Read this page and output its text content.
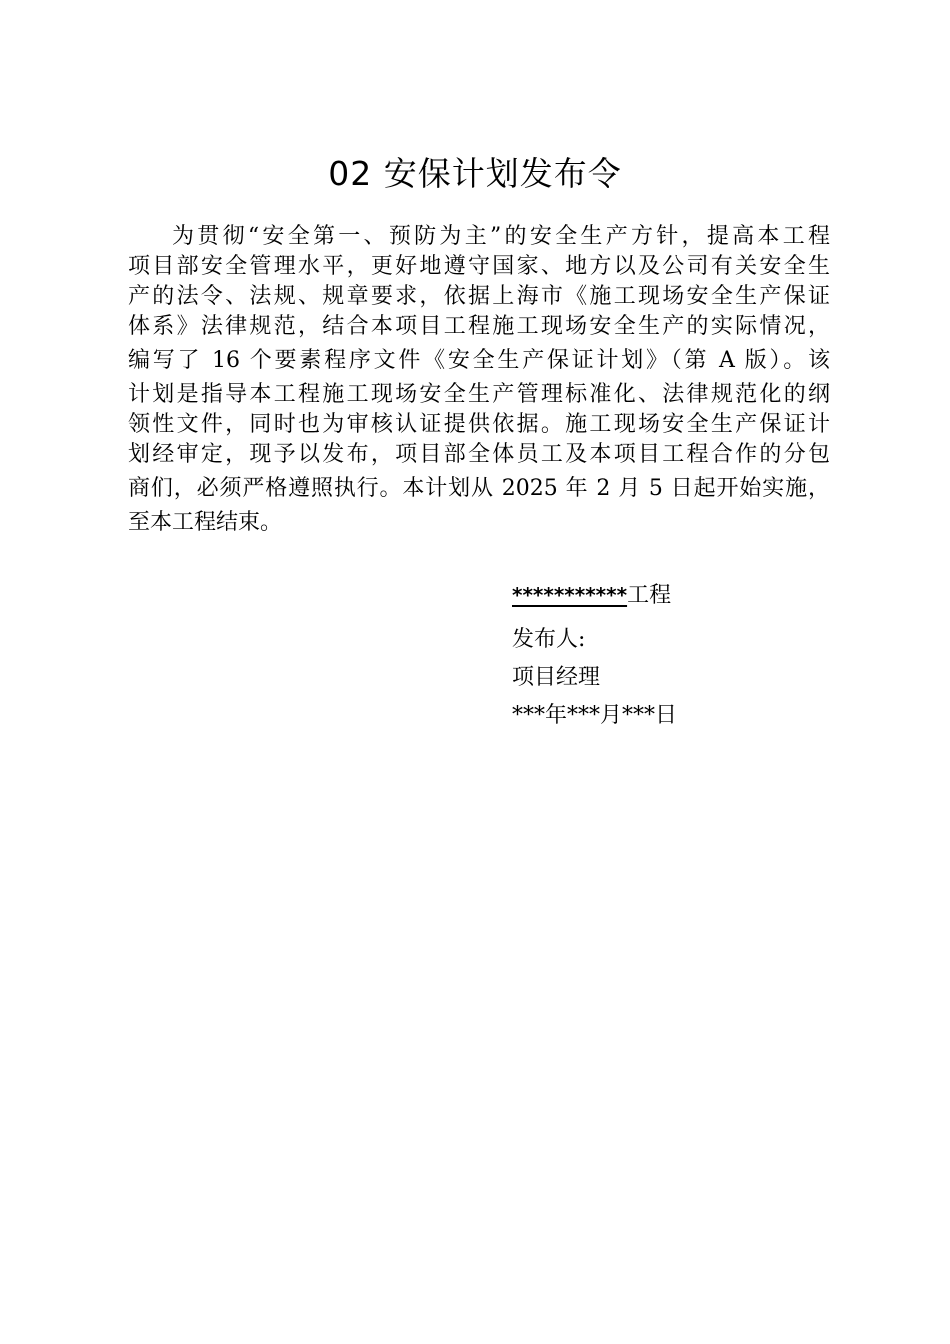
02 安保计划发布令
为贯彻“安全第一、预防为主”的安全生产方针，提高本工程
项目部安全管理水平，更好地遵守国家、地方以及公司有关安全生
产的法令、法规、规章要求，依据上海市《施工现场安全生产保证
体系》法律规范，结合本项目工程施工现场安全生产的实际情况，
编写了 16 个要素程序文件《安全生产保证计划》（第 A 版）。该
计划是指导本工程施工现场安全生产管理标准化、法律规范化的纲
领性文件，同时也为审核认证提供依据。施工现场安全生产保证计
划经审定，现予以发布，项目部全体员工及本项目工程合作的分包
商们，必须严格遵照执行。本计划从 2025 年 2 月 5 日起开始实施，
至本工程结束。
***********工程
发布人:
项目经理
***年***月***日
